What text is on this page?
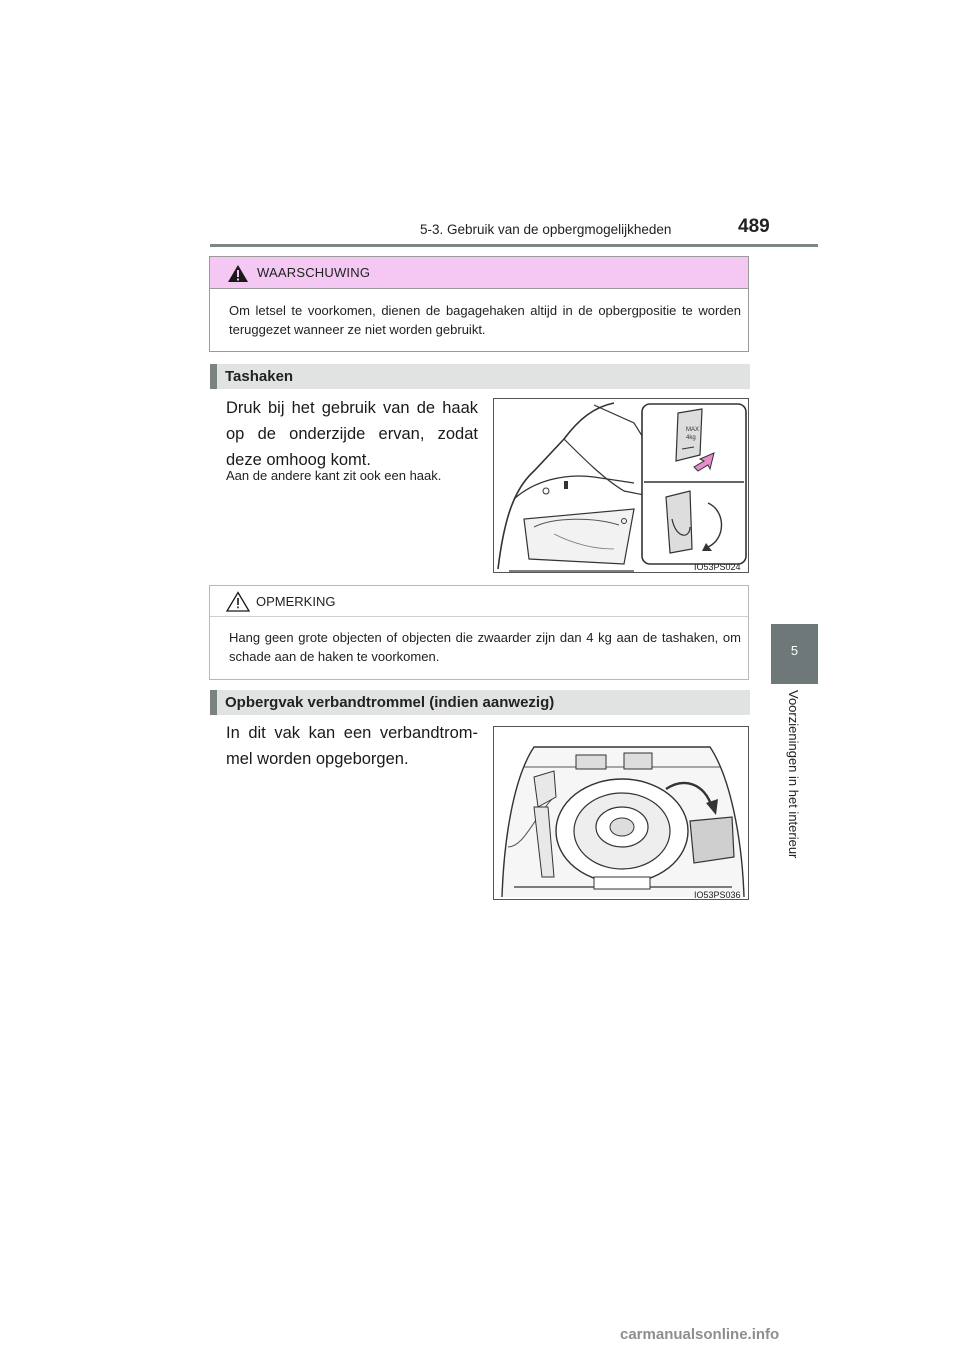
5-3. Gebruik van de opbergmogelijkheden	489
5
Voorzieningen in het interieur
WAARSCHUWING
Om letsel te voorkomen, dienen de bagagehaken altijd in de opbergpositie te worden teruggezet wanneer ze niet worden gebruikt.
Tashaken
Druk bij het gebruik van de haak op de onderzijde ervan, zodat deze omhoog komt.
Aan de andere kant zit ook een haak.
MAX
4kg
IO53PS024
OPMERKING
Hang geen grote objecten of objecten die zwaarder zijn dan 4 kg aan de tashaken, om schade aan de haken te voorkomen.
Opbergvak verbandtrommel (indien aanwezig)
In dit vak kan een verbandtrom-mel worden opgeborgen.
IO53PS036
carmanualsonline.info
